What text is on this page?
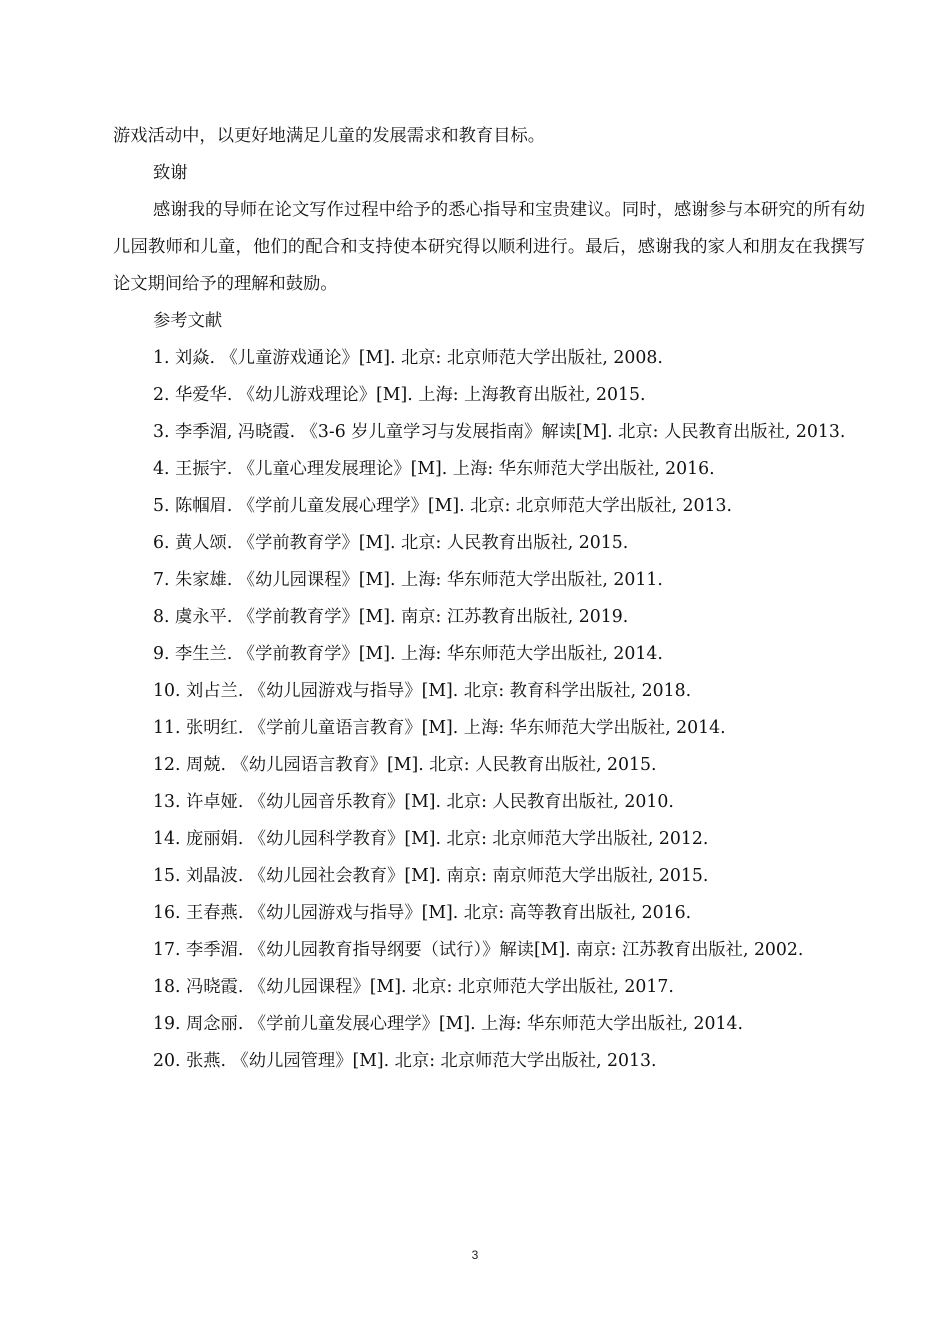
游戏活动中，以更好地满足儿童的发展需求和教育目标。

致谢

感谢我的导师在论文写作过程中给予的悉心指导和宝贵建议。同时，感谢参与本研究的所有幼儿园教师和儿童，他们的配合和支持使本研究得以顺利进行。最后，感谢我的家人和朋友在我撰写论文期间给予的理解和鼓励。

参考文献

1. 刘焱. 《儿童游戏通论》[M]. 北京: 北京师范大学出版社, 2008.
2. 华爱华. 《幼儿游戏理论》[M]. 上海: 上海教育出版社, 2015.
3. 李季湄, 冯晓霞. 《3-6 岁儿童学习与发展指南》解读[M]. 北京: 人民教育出版社, 2013.
4. 王振宇. 《儿童心理发展理论》[M]. 上海: 华东师范大学出版社, 2016.
5. 陈帼眉. 《学前儿童发展心理学》[M]. 北京: 北京师范大学出版社, 2013.
6. 黄人颂. 《学前教育学》[M]. 北京: 人民教育出版社, 2015.
7. 朱家雄. 《幼儿园课程》[M]. 上海: 华东师范大学出版社, 2011.
8. 虞永平. 《学前教育学》[M]. 南京: 江苏教育出版社, 2019.
9. 李生兰. 《学前教育学》[M]. 上海: 华东师范大学出版社, 2014.
10. 刘占兰. 《幼儿园游戏与指导》[M]. 北京: 教育科学出版社, 2018.
11. 张明红. 《学前儿童语言教育》[M]. 上海: 华东师范大学出版社, 2014.
12. 周兢. 《幼儿园语言教育》[M]. 北京: 人民教育出版社, 2015.
13. 许卓娅. 《幼儿园音乐教育》[M]. 北京: 人民教育出版社, 2010.
14. 庞丽娟. 《幼儿园科学教育》[M]. 北京: 北京师范大学出版社, 2012.
15. 刘晶波. 《幼儿园社会教育》[M]. 南京: 南京师范大学出版社, 2015.
16. 王春燕. 《幼儿园游戏与指导》[M]. 北京: 高等教育出版社, 2016.
17. 李季湄. 《幼儿园教育指导纲要（试行）》解读[M]. 南京: 江苏教育出版社, 2002.
18. 冯晓霞. 《幼儿园课程》[M]. 北京: 北京师范大学出版社, 2017.
19. 周念丽. 《学前儿童发展心理学》[M]. 上海: 华东师范大学出版社, 2014.
20. 张燕. 《幼儿园管理》[M]. 北京: 北京师范大学出版社, 2013.
3
